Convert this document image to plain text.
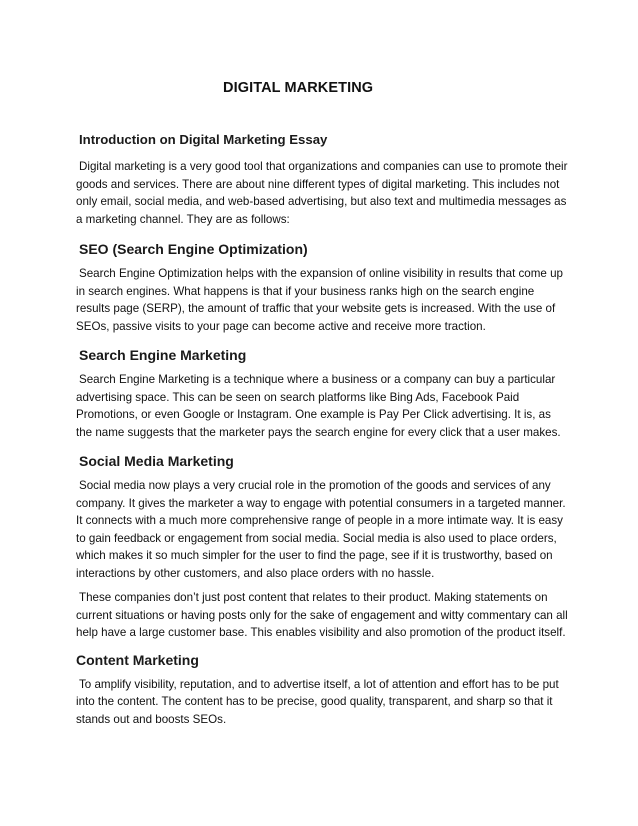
DIGITAL MARKETING
Introduction on Digital Marketing Essay

Digital marketing is a very good tool that organizations and companies can use to promote their goods and services. There are about nine different types of digital marketing. This includes not only email, social media, and web-based advertising, but also text and multimedia messages as a marketing channel. They are as follows:

SEO (Search Engine Optimization)

Search Engine Optimization helps with the expansion of online visibility in results that come up in search engines. What happens is that if your business ranks high on the search engine results page (SERP), the amount of traffic that your website gets is increased. With the use of SEOs, passive visits to your page can become active and receive more traction.

Search Engine Marketing

Search Engine Marketing is a technique where a business or a company can buy a particular advertising space. This can be seen on search platforms like Bing Ads, Facebook Paid Promotions, or even Google or Instagram. One example is Pay Per Click advertising. It is, as the name suggests that the marketer pays the search engine for every click that a user makes.

Social Media Marketing

Social media now plays a very crucial role in the promotion of the goods and services of any company. It gives the marketer a way to engage with potential consumers in a targeted manner. It connects with a much more comprehensive range of people in a more intimate way. It is easy to gain feedback or engagement from social media. Social media is also used to place orders, which makes it so much simpler for the user to find the page, see if it is trustworthy, based on interactions by other customers, and also place orders with no hassle.

These companies don’t just post content that relates to their product. Making statements on current situations or having posts only for the sake of engagement and witty commentary can all help have a large customer base. This enables visibility and also promotion of the product itself.

Content Marketing

To amplify visibility, reputation, and to advertise itself, a lot of attention and effort has to be put into the content. The content has to be precise, good quality, transparent, and sharp so that it stands out and boosts SEOs.
